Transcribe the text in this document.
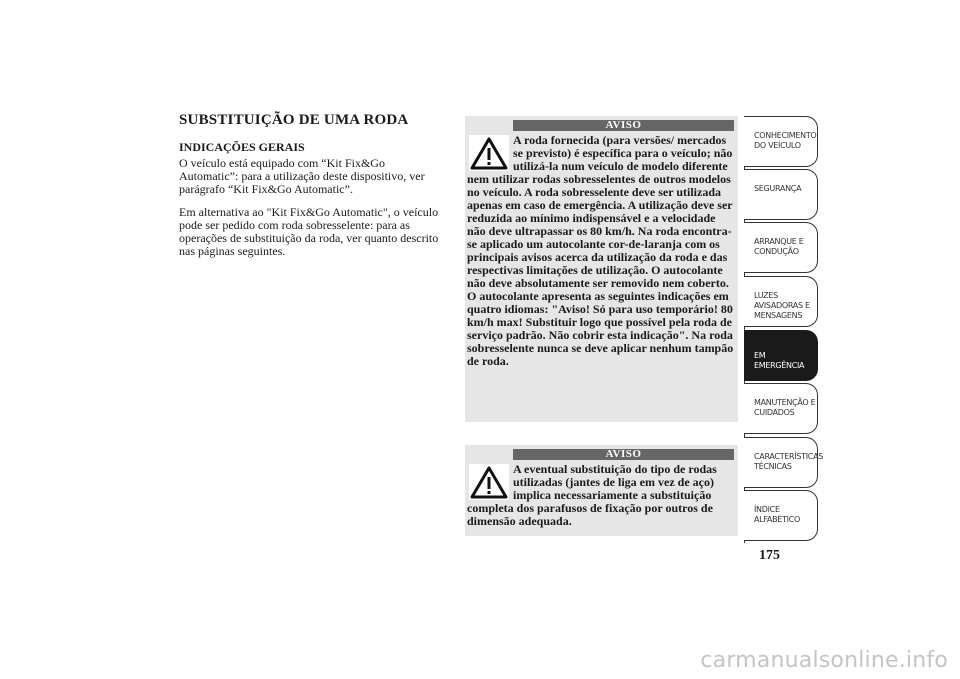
SUBSTITUIÇÃO DE UMA RODA
INDICAÇÕES GERAIS

O veículo está equipado com “Kit Fix&Go Automatic”: para a utilização deste dispositivo, ver parágrafo “Kit Fix&Go Automatic”.

Em alternativa ao "Kit Fix&Go Automatic", o veículo pode ser pedido com roda sobresselente: para as operações de substituição da roda, ver quanto descrito nas páginas seguintes.

AVISO

A roda fornecida (para versões/ mercados se previsto) é específica para o veículo; não utilizá-la num veículo de modelo diferente nem utilizar rodas sobresselentes de outros modelos no veículo. A roda sobresselente deve ser utilizada apenas em caso de emergência. A utilização deve ser reduzida ao mínimo indispensável e a velocidade não deve ultrapassar os 80 km/h. Na roda encontra-se aplicado um autocolante cor-de-laranja com os principais avisos acerca da utilização da roda e das respectivas limitações de utilização. O autocolante não deve absolutamente ser removido nem coberto. O autocolante apresenta as seguintes indicações em quatro idiomas: "Aviso! Só para uso temporário! 80 km/h max! Substituir logo que possível pela roda de serviço padrão. Não cobrir esta indicação". Na roda sobresselente nunca se deve aplicar nenhum tampão de roda.

AVISO

A eventual substituição do tipo de rodas utilizadas (jantes de liga em vez de aço) implica necessariamente a substituição completa dos parafusos de fixação por outros de dimensão adequada.

CONHECIMENTO
DO VEÍCULO
SEGURANÇA
ARRANQUE E
CONDUÇÃO
LUZES
AVISADORAS E
MENSAGENS
EM EMERGÊNCIA
MANUTENÇÃO E
CUIDADOS
CARACTERÍSTICAS
TÉCNICAS
ÍNDICE
ALFABÉTICO

175

carmanualsonline.info
